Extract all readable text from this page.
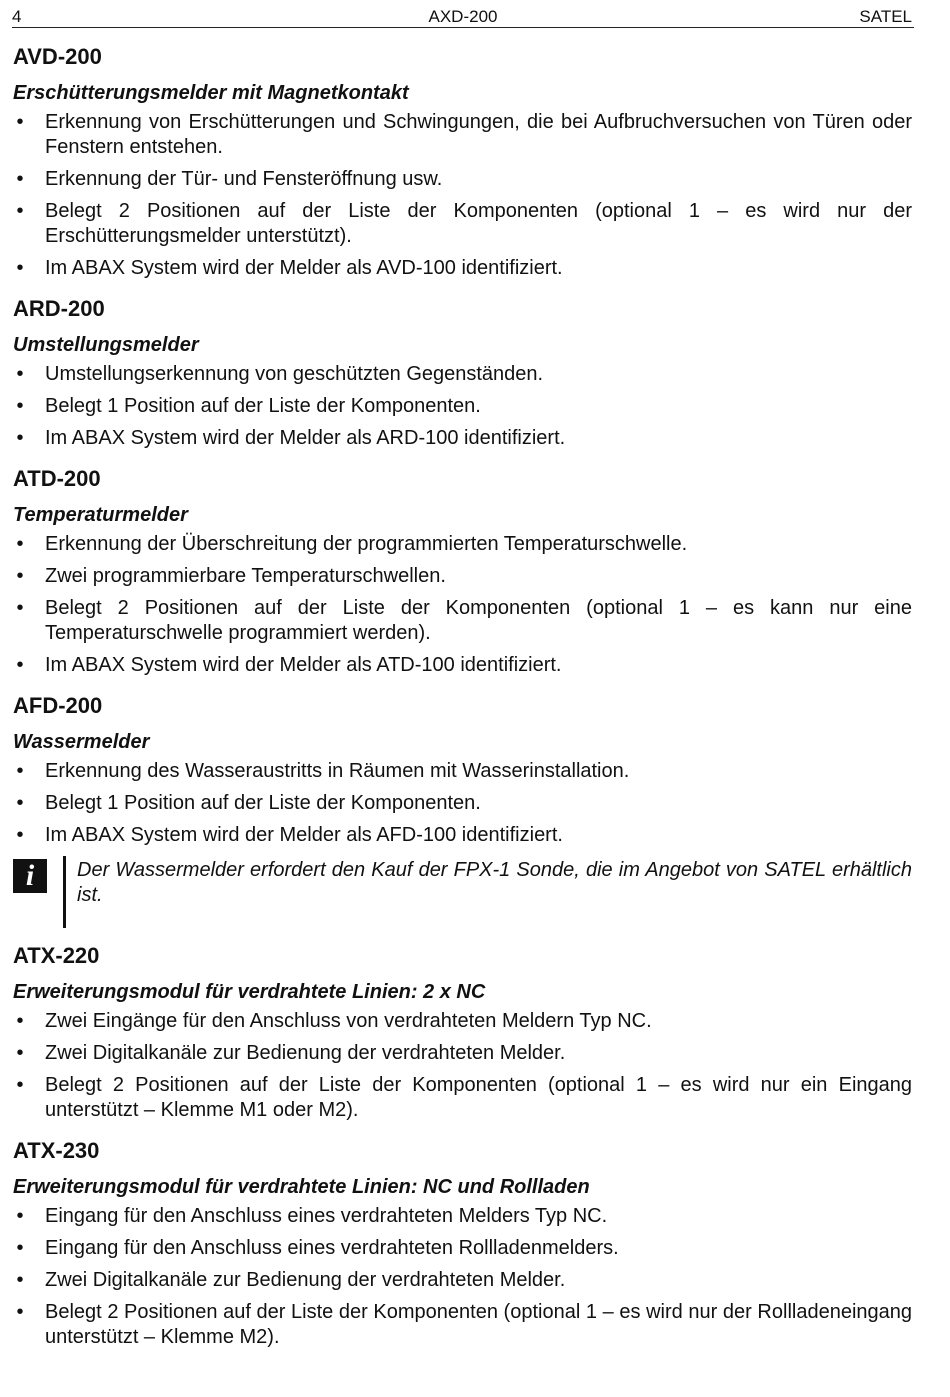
4	AXD-200	SATEL
AVD-200
Erschütterungsmelder mit Magnetkontakt
• Erkennung von Erschütterungen und Schwingungen, die bei Aufbruchversuchen von Türen oder Fenstern entstehen.
• Erkennung der Tür- und Fensteröffnung usw.
• Belegt 2 Positionen auf der Liste der Komponenten (optional 1 – es wird nur der Erschütterungsmelder unterstützt).
• Im ABAX System wird der Melder als AVD-100 identifiziert.
ARD-200
Umstellungsmelder
• Umstellungserkennung von geschützten Gegenständen.
• Belegt 1 Position auf der Liste der Komponenten.
• Im ABAX System wird der Melder als ARD-100 identifiziert.
ATD-200
Temperaturmelder
• Erkennung der Überschreitung der programmierten Temperaturschwelle.
• Zwei programmierbare Temperaturschwellen.
• Belegt 2 Positionen auf der Liste der Komponenten (optional 1 – es kann nur eine Temperaturschwelle programmiert werden).
• Im ABAX System wird der Melder als ATD-100 identifiziert.
AFD-200
Wassermelder
• Erkennung des Wasseraustritts in Räumen mit Wasserinstallation.
• Belegt 1 Position auf der Liste der Komponenten.
• Im ABAX System wird der Melder als AFD-100 identifiziert.
i	Der Wassermelder erfordert den Kauf der FPX-1 Sonde, die im Angebot von SATEL erhältlich ist.
ATX-220
Erweiterungsmodul für verdrahtete Linien: 2 x NC
• Zwei Eingänge für den Anschluss von verdrahteten Meldern Typ NC.
• Zwei Digitalkanäle zur Bedienung der verdrahteten Melder.
• Belegt 2 Positionen auf der Liste der Komponenten (optional 1 – es wird nur ein Eingang unterstützt – Klemme M1 oder M2).
ATX-230
Erweiterungsmodul für verdrahtete Linien: NC und Rollladen
• Eingang für den Anschluss eines verdrahteten Melders Typ NC.
• Eingang für den Anschluss eines verdrahteten Rollladenmelders.
• Zwei Digitalkanäle zur Bedienung der verdrahteten Melder.
• Belegt 2 Positionen auf der Liste der Komponenten (optional 1 – es wird nur der Rollladeneingang unterstützt – Klemme M2).
